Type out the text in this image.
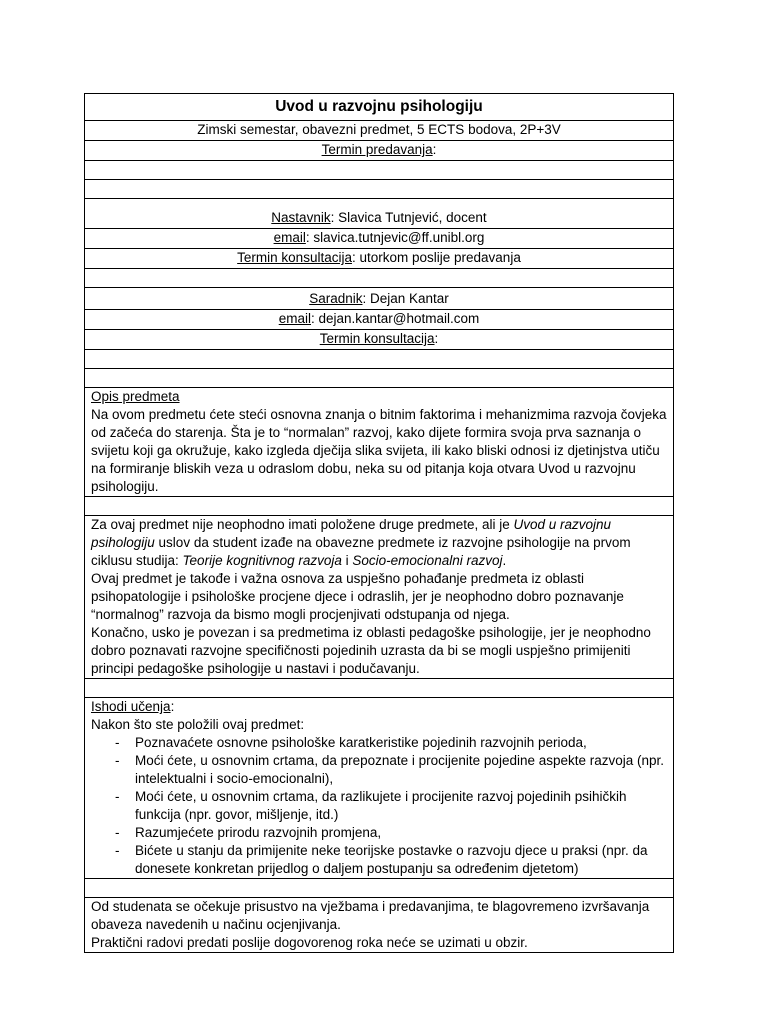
Uvod u razvojnu psihologiju
Zimski semestar, obavezni predmet, 5 ECTS bodova, 2P+3V
Termin predavanja:

Nastavnik: Slavica Tutnjević, docent
email: slavica.tutnjevic@ff.unibl.org
Termin konsultacija: utorkom poslije predavanja

Saradnik: Dejan Kantar
email: dejan.kantar@hotmail.com
Termin konsultacija:

Opis predmeta

Na ovom predmetu ćete steći osnovna znanja o bitnim faktorima i mehanizmima razvoja čovjeka od začeća do starenja. Šta je to “normalan” razvoj, kako dijete formira svoja prva saznanja o svijetu koji ga okružuje, kako izgleda dječija slika svijeta, ili kako bliski odnosi iz djetinjstva utiču na formiranje bliskih veza u odraslom dobu, neka su od pitanja koja otvara Uvod u razvojnu psihologiju.

Za ovaj predmet nije neophodno imati položene druge predmete, ali je Uvod u razvojnu psihologiju uslov da student izađe na obavezne predmete iz razvojne psihologije na prvom ciklusu studija: Teorije kognitivnog razvoja i Socio-emocionalni razvoj.

Ovaj predmet je takođe i važna osnova za uspješno pohađanje predmeta iz oblasti psihopatologije i psihološke procjene djece i odraslih, jer je neophodno dobro poznavanje “normalnog” razvoja da bismo mogli procjenjivati odstupanja od njega.

Konačno, usko je povezan i sa predmetima iz oblasti pedagoške psihologije, jer je neophodno dobro poznavati razvojne specifičnosti pojedinih uzrasta da bi se mogli uspješno primijeniti principi pedagoške psihologije u nastavi i podučavanju.

Ishodi učenja:

Nakon što ste položili ovaj predmet:

- Poznavaćete osnovne psihološke karatkeristike pojedinih razvojnih perioda,
- Moći ćete, u osnovnim crtama, da prepoznate i procijenite pojedine aspekte razvoja (npr. intelektualni i socio-emocionalni),
- Moći ćete, u osnovnim crtama, da razlikujete i procijenite razvoj pojedinih psihičkih funkcija (npr. govor, mišljenje, itd.)
- Razumjećete prirodu razvojnih promjena,
- Bićete u stanju da primijenite neke teorijske postavke o razvoju djece u praksi (npr. da donesete konkretan prijedlog o daljem postupanju sa određenim djetetom)

Od studenata se očekuje prisustvo na vježbama i predavanjima, te blagovremeno izvršavanja obaveza navedenih u načinu ocjenjivanja.

Praktični radovi predati poslije dogovorenog roka neće se uzimati u obzir.
